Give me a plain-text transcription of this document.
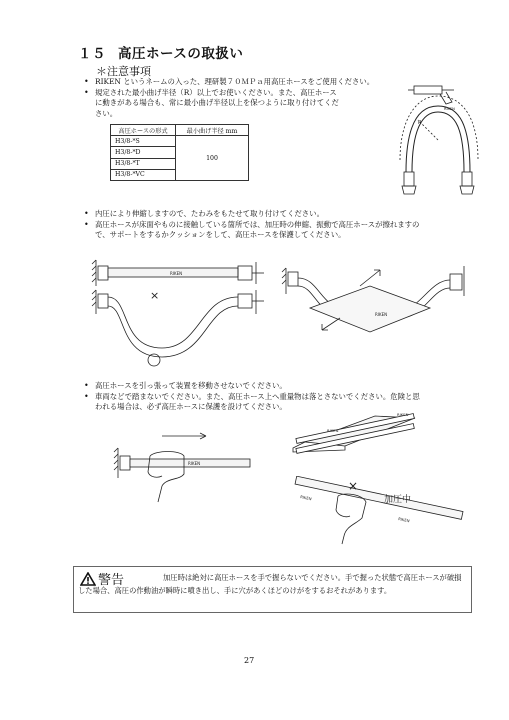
１５ 高圧ホースの取扱い
＊注意事項
• RIKEN というネームの入った、理研製７０ＭＰａ用高圧ホースをご使用ください。
• 規定された最小曲げ半径（R）以上でお使いください。また、高圧ホース
に動きがある場合も、常に最小曲げ半径以上を保つように取り付けてくだ
さい。
高圧ホースの形式	最小曲げ半径 mm
H3/8-*S	100
H3/8-*D	
H3/8-*T	
H3/8-*VC	
R
RIKEN
• 内圧により伸縮しますので、たわみをもたせて取り付けてください。
• 高圧ホースが床面やものに接触している箇所では、加圧時の伸縮、振動で高圧ホースが擦れますの
で、サポートをするかクッションをして、高圧ホースを保護してください。
×
RIKEN
RIKEN
• 高圧ホースを引っ張って装置を移動させないでください。
• 車両などで踏まないでください。また、高圧ホース上へ重量物は落とさないでください。危険と思
われる場合は、必ず高圧ホースに保護を設けてください。
RIKEN
RIKEN
RIKEN
×
加圧中
RIKEN
RIKEN
警告	加圧時は絶対に高圧ホースを手で握らないでください。手で握った状態で高圧ホースが破損した場合、高圧の作動油が瞬時に噴き出し、手に穴があくほどのけがをするおそれがあります。
27
